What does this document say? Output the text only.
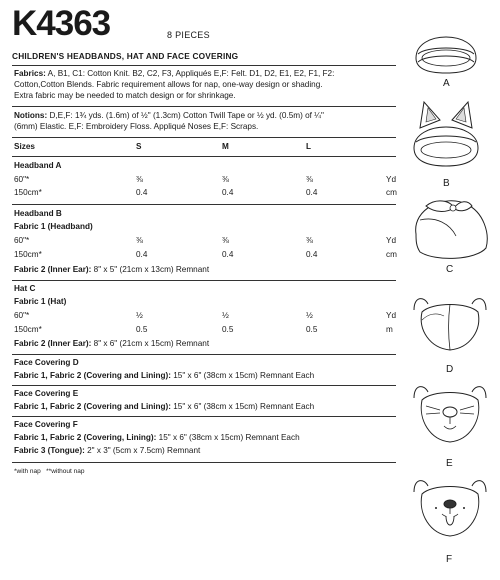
K4363	8 PIECES
CHILDREN'S HEADBANDS, HAT AND FACE COVERING
Fabrics: A, B1, C1: Cotton Knit. B2, C2, F3, Appliqués E,F: Felt. D1, D2, E1, E2, F1, F2:
Cotton,Cotton Blends. Fabric requirement allows for nap, one-way design or shading.
Extra fabric may be needed to match design or for shrinkage.
Notions: D,E,F: 1¾ yds. (1.6m) of ½" (1.3cm) Cotton Twill Tape or ½ yd. (0.5m) of ¼"
(6mm) Elastic. E,F: Embroidery Floss. Appliqué Noses E,F: Scraps.
Sizes	S	M	L
Headband A
60"*	⅜	⅜	⅜	Yd
150cm*	0.4	0.4	0.4	cm
Headband B
Fabric 1 (Headband)
60"*	⅜	⅜	⅜	Yd
150cm*	0.4	0.4	0.4	cm
Fabric 2 (Inner Ear): 8" x 5" (21cm x 13cm) Remnant
Hat C
Fabric 1 (Hat)
60"*	½	½	½	Yd
150cm*	0.5	0.5	0.5	m
Fabric 2 (Inner Ear): 8" x 6" (21cm x 15cm) Remnant
Face Covering D
Fabric 1, Fabric 2 (Covering and Lining): 15" x 6" (38cm x 15cm) Remnant Each
Face Covering E
Fabric 1, Fabric 2 (Covering and Lining): 15" x 6" (38cm x 15cm) Remnant Each
Face Covering F
Fabric 1, Fabric 2 (Covering, Lining): 15" x 6" (38cm x 15cm) Remnant Each
Fabric 3 (Tongue): 2" x 3" (5cm x 7.5cm) Remnant
*with nap   **without nap
A
B
C
D
E
F
